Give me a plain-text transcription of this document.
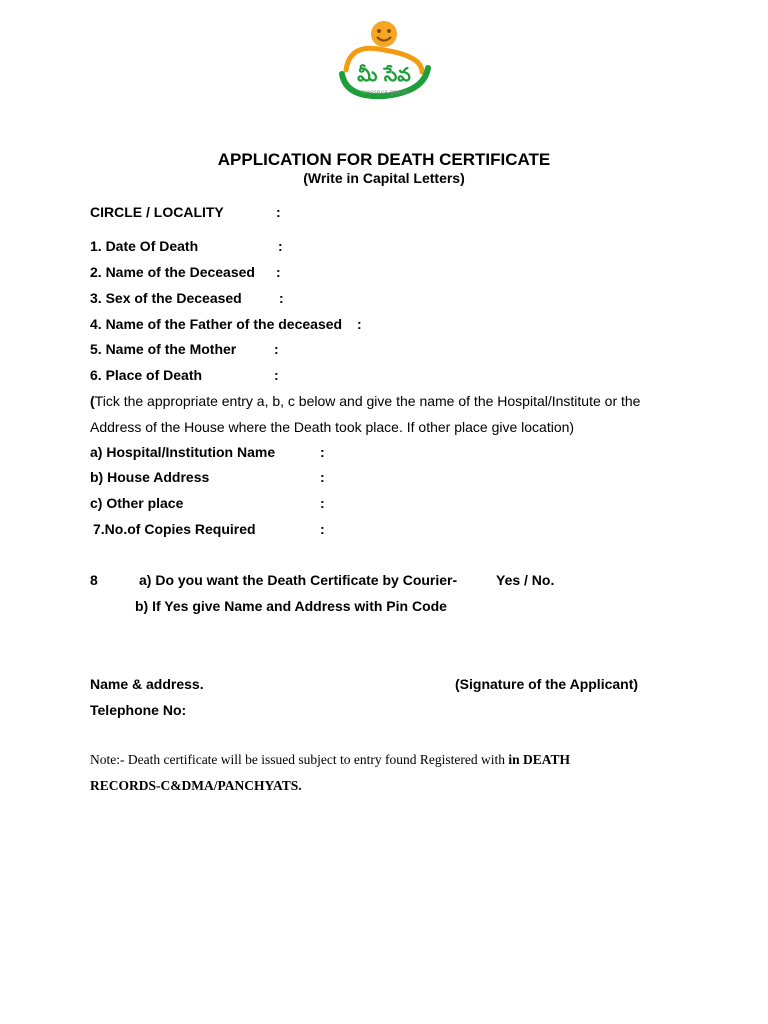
మీ సేవ
meeseva.gov.in
APPLICATION FOR DEATH CERTIFICATE
(Write in Capital Letters)
CIRCLE / LOCALITY	:
1. Date Of Death	:
2. Name of the Deceased :
3. Sex of the Deceased	:
4. Name of the Father of the deceased :
5. Name of the Mother	:
6. Place of Death	:
(Tick the appropriate entry a, b, c below and give the name of the Hospital/Institute or the
Address of the House where the Death took place. If other place give location)
a) Hospital/Institution Name	:
b) House Address	:
c) Other place	:
7.No.of Copies Required	:
8	a) Do you want the Death Certificate by Courier-	Yes / No.
b) If Yes give Name and Address with Pin Code
Name & address.	(Signature of the Applicant)
Telephone No:
Note:- Death certificate will be issued subject to entry found Registered with in DEATH
RECORDS-C&DMA/PANCHYATS.
